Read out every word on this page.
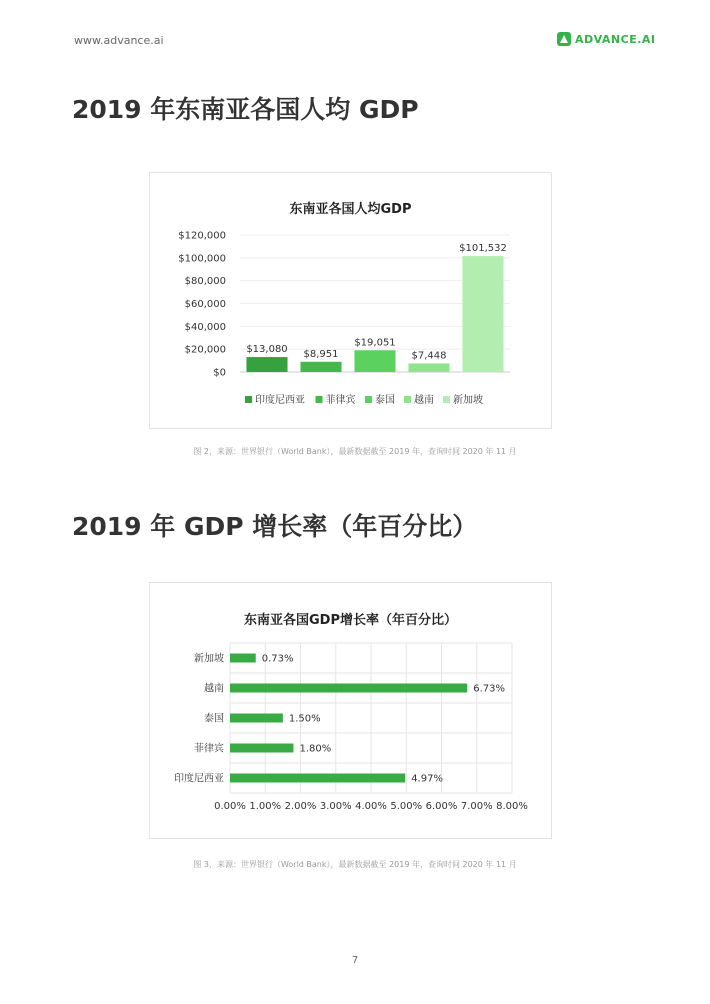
www.advance.ai	ADVANCE.AI
2019 年东南亚各国人均 GDP
东南亚各国人均GDP
$0
$20,000
$40,000
$60,000
$80,000
$100,000
$120,000
$13,080 $8,951
$19,051
$7,448
$101,532
印度尼西亚 菲律宾 泰国 越南 新加坡
图 2，来源：世界银行（World Bank），最新数据截至 2019 年，查询时间 2020 年 11 月
2019 年 GDP 增长率（年百分比）
东南亚各国GDP增长率（年百分比）
0.00% 1.00% 2.00% 3.00% 4.00% 5.00% 6.00% 7.00% 8.00%
0.73%
新加坡
6.73%
越南
1.50%
泰国
1.80%
菲律宾
4.97%
印度尼西亚
图 3，来源：世界银行（World Bank），最新数据截至 2019 年，查询时间 2020 年 11 月
7
